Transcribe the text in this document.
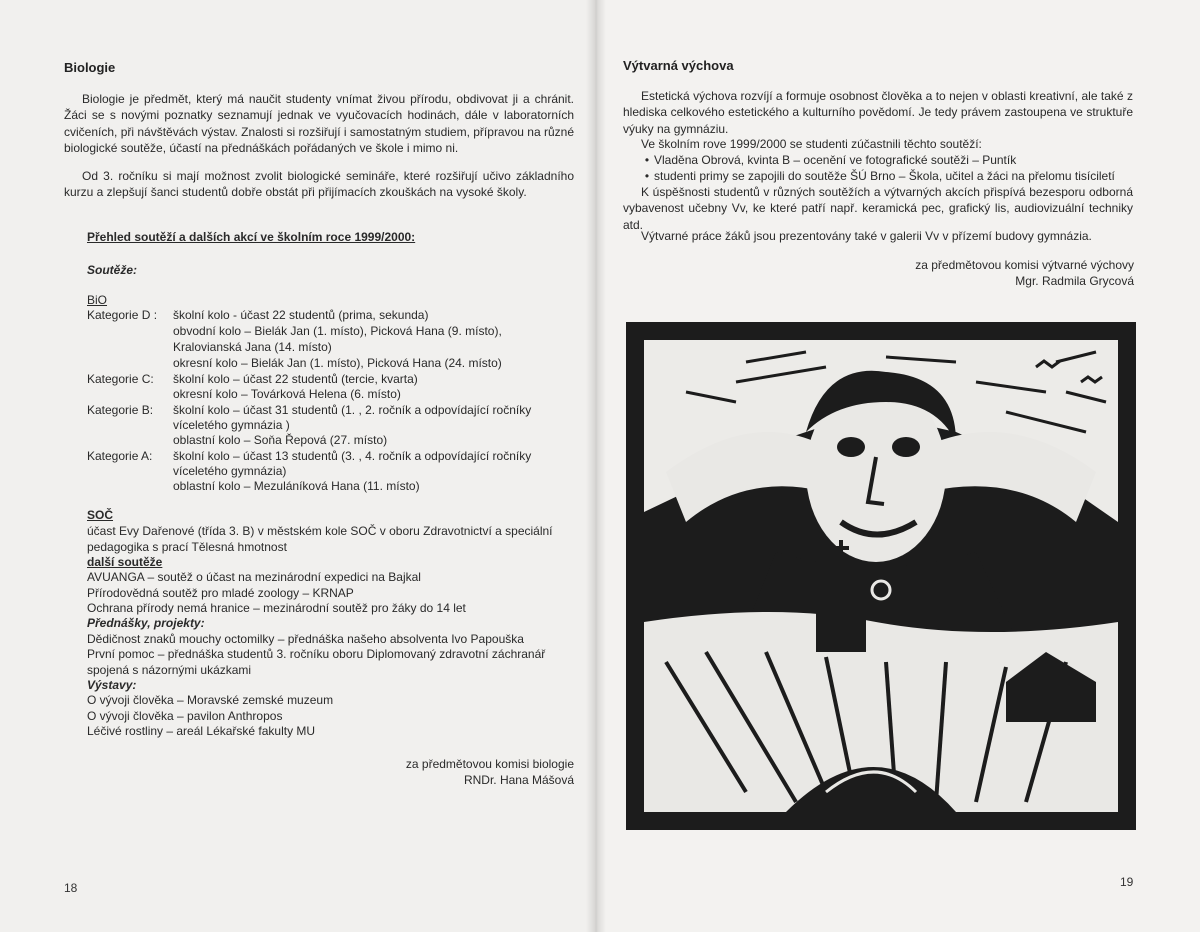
Biologie

Biologie je předmět, který má naučit studenty vnímat živou přírodu, obdivovat ji a chránit. Žáci se s novými poznatky seznamují jednak ve vyučovacích hodinách, dále v laboratorních cvičeních, při návštěvách výstav. Znalosti si rozšiřují i samostatným studiem, přípravou na různé biologické soutěže, účastí na přednáškách pořádaných ve škole i mimo ni.

Od 3. ročníku si mají možnost zvolit biologické semináře, které rozšiřují učivo základního kurzu a zlepšují šanci studentů dobře obstát při přijímacích zkouškách na vysoké školy.

Přehled soutěží a dalších akcí ve školním roce 1999/2000:
Soutěže:
BiO
Kategorie D : školní kolo - účast 22 studentů (prima, sekunda)
obvodní kolo – Bielák Jan (1. místo), Picková Hana (9. místo),
Kralovianská Jana (14. místo)
okresní kolo – Bielák Jan (1. místo), Picková Hana (24. místo)
Kategorie C: školní kolo – účast 22 studentů (tercie, kvarta)
okresní kolo – Továrková Helena (6. místo)
Kategorie B: školní kolo – účast 31 studentů (1. , 2. ročník a odpovídající ročníky
víceletého gymnázia )
oblastní kolo – Soňa Řepová (27. místo)
Kategorie A: školní kolo – účast 13 studentů (3. , 4. ročník a odpovídající ročníky
víceletého gymnázia)
oblastní kolo – Mezuláníková Hana (11. místo)
SOČ
účast Evy Dařenové (třída 3. B) v městském kole SOČ v oboru Zdravotnictví a speciální
pedagogika s prací Tělesná hmotnost
další soutěže
AVUANGA – soutěž o účast na mezinárodní expedici na Bajkal
Přírodovědná soutěž pro mladé zoology – KRNAP
Ochrana přírody nemá hranice – mezinárodní soutěž pro žáky do 14 let
Přednášky, projekty:
Dědičnost znaků mouchy octomilky – přednáška našeho absolventa Ivo Papouška
První pomoc – přednáška studentů 3. ročníku oboru Diplomovaný zdravotní záchranář
spojená s názornými ukázkami
Výstavy:
O vývoji člověka – Moravské zemské muzeum
O vývoji člověka – pavilon Anthropos
Léčivé rostliny – areál Lékařské fakulty MU
za předmětovou komisi biologie
RNDr. Hana Mášová
18
Výtvarná výchova

Estetická výchova rozvíjí a formuje osobnost člověka a to nejen v oblasti kreativní, ale také z hlediska celkového estetického a kulturního povědomí. Je tedy právem zastoupena ve struktuře výuky na gymnáziu.

Ve školním rove 1999/2000 se studenti zúčastnili těchto soutěží:

• Vladěna Obrová, kvinta B – ocenění ve fotografické soutěži – Puntík
• studenti primy se zapojili do soutěže ŠÚ Brno – Škola, učitel a žáci na přelomu tisíciletí

K úspěšnosti studentů v různých soutěžích a výtvarných akcích přispívá bezesporu odborná vybavenost učebny Vv, ke které patří např. keramická pec, grafický lis, audiovizuální techniky atd.

Výtvarné práce žáků jsou prezentovány také v galerii Vv v přízemí budovy gymnázia.

za předmětovou komisi výtvarné výchovy
Mgr. Radmila Grycová
19
